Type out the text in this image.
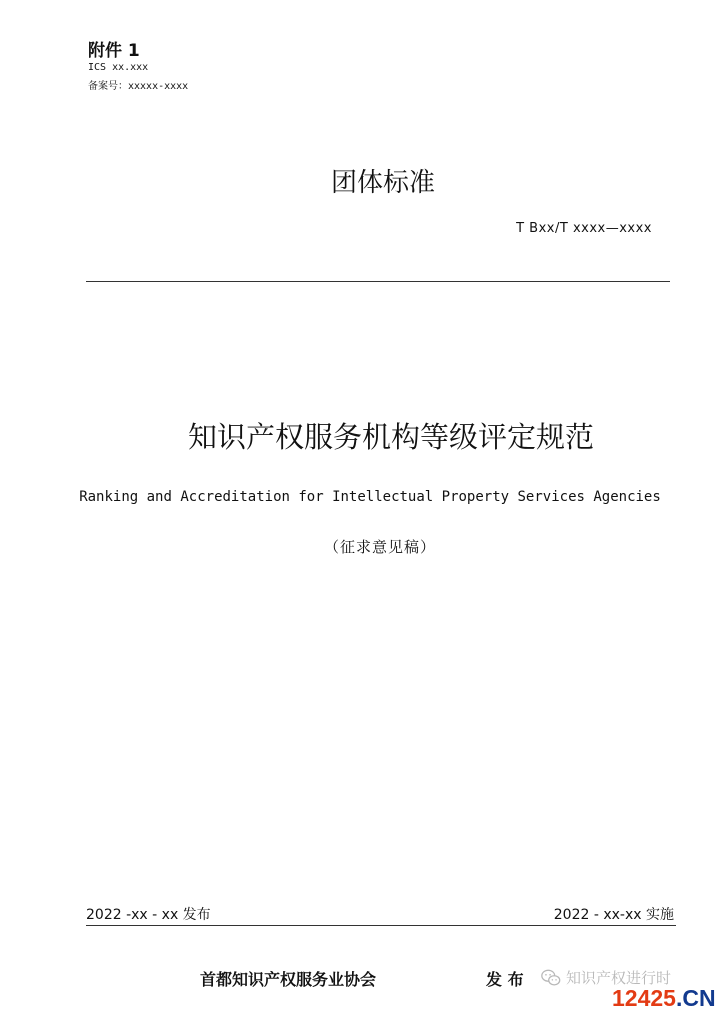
附件 1
ICS xx.xxx
备案号：xxxxx-xxxx
团体标准
T Bxx/T xxxx—xxxx
知识产权服务机构等级评定规范
Ranking and Accreditation for Intellectual Property Services Agencies
（征求意见稿）
2022 -xx - xx 发布	2022 - xx-xx 实施
首都知识产权服务业协会	发 布	知识产权进行时
12425.CN
